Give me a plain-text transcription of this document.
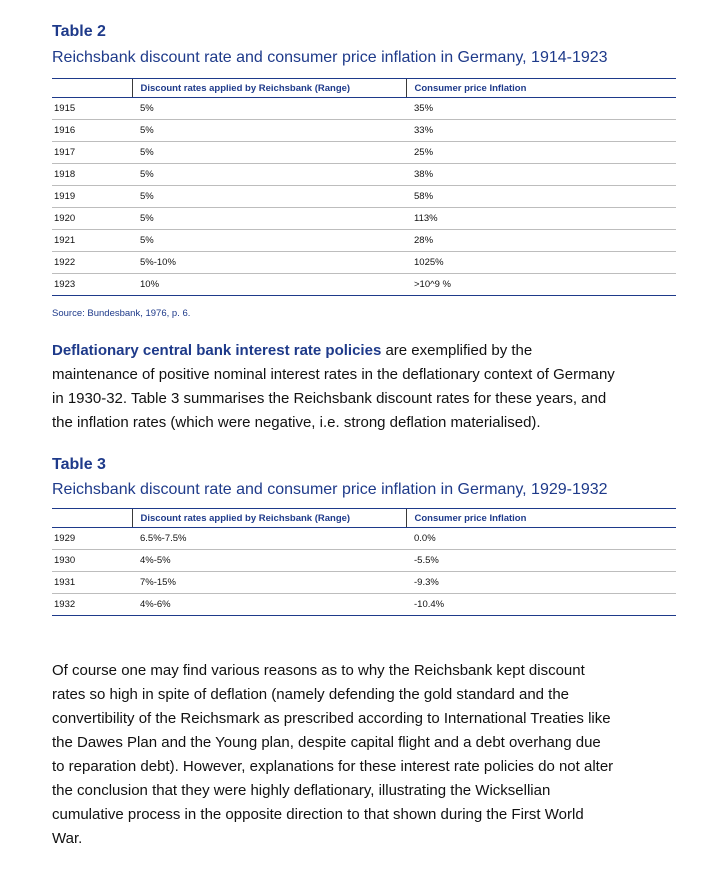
Table 2
Reichsbank discount rate and consumer price inflation in Germany, 1914-1923
	Discount rates applied by Reichsbank (Range)	Consumer price Inflation
1915	5%	35%
1916	5%	33%
1917	5%	25%
1918	5%	38%
1919	5%	58%
1920	5%	113%
1921	5%	28%
1922	5%-10%	1025%
1923	10%	>10^9 %
Source: Bundesbank, 1976, p. 6.

Deflationary central bank interest rate policies are exemplified by the
maintenance of positive nominal interest rates in the deflationary context of Germany
in 1930-32. Table 3 summarises the Reichsbank discount rates for these years, and
the inflation rates (which were negative, i.e. strong deflation materialised).

Table 3
Reichsbank discount rate and consumer price inflation in Germany, 1929-1932
	Discount rates applied by Reichsbank (Range)	Consumer price Inflation
1929	6.5%-7.5%	0.0%
1930	4%-5%	-5.5%
1931	7%-15%	-9.3%
1932	4%-6%	-10.4%

Of course one may find various reasons as to why the Reichsbank kept discount
rates so high in spite of deflation (namely defending the gold standard and the
convertibility of the Reichsmark as prescribed according to International Treaties like
the Dawes Plan and the Young plan, despite capital flight and a debt overhang due
to reparation debt). However, explanations for these interest rate policies do not alter
the conclusion that they were highly deflationary, illustrating the Wicksellian
cumulative process in the opposite direction to that shown during the First World
War.
